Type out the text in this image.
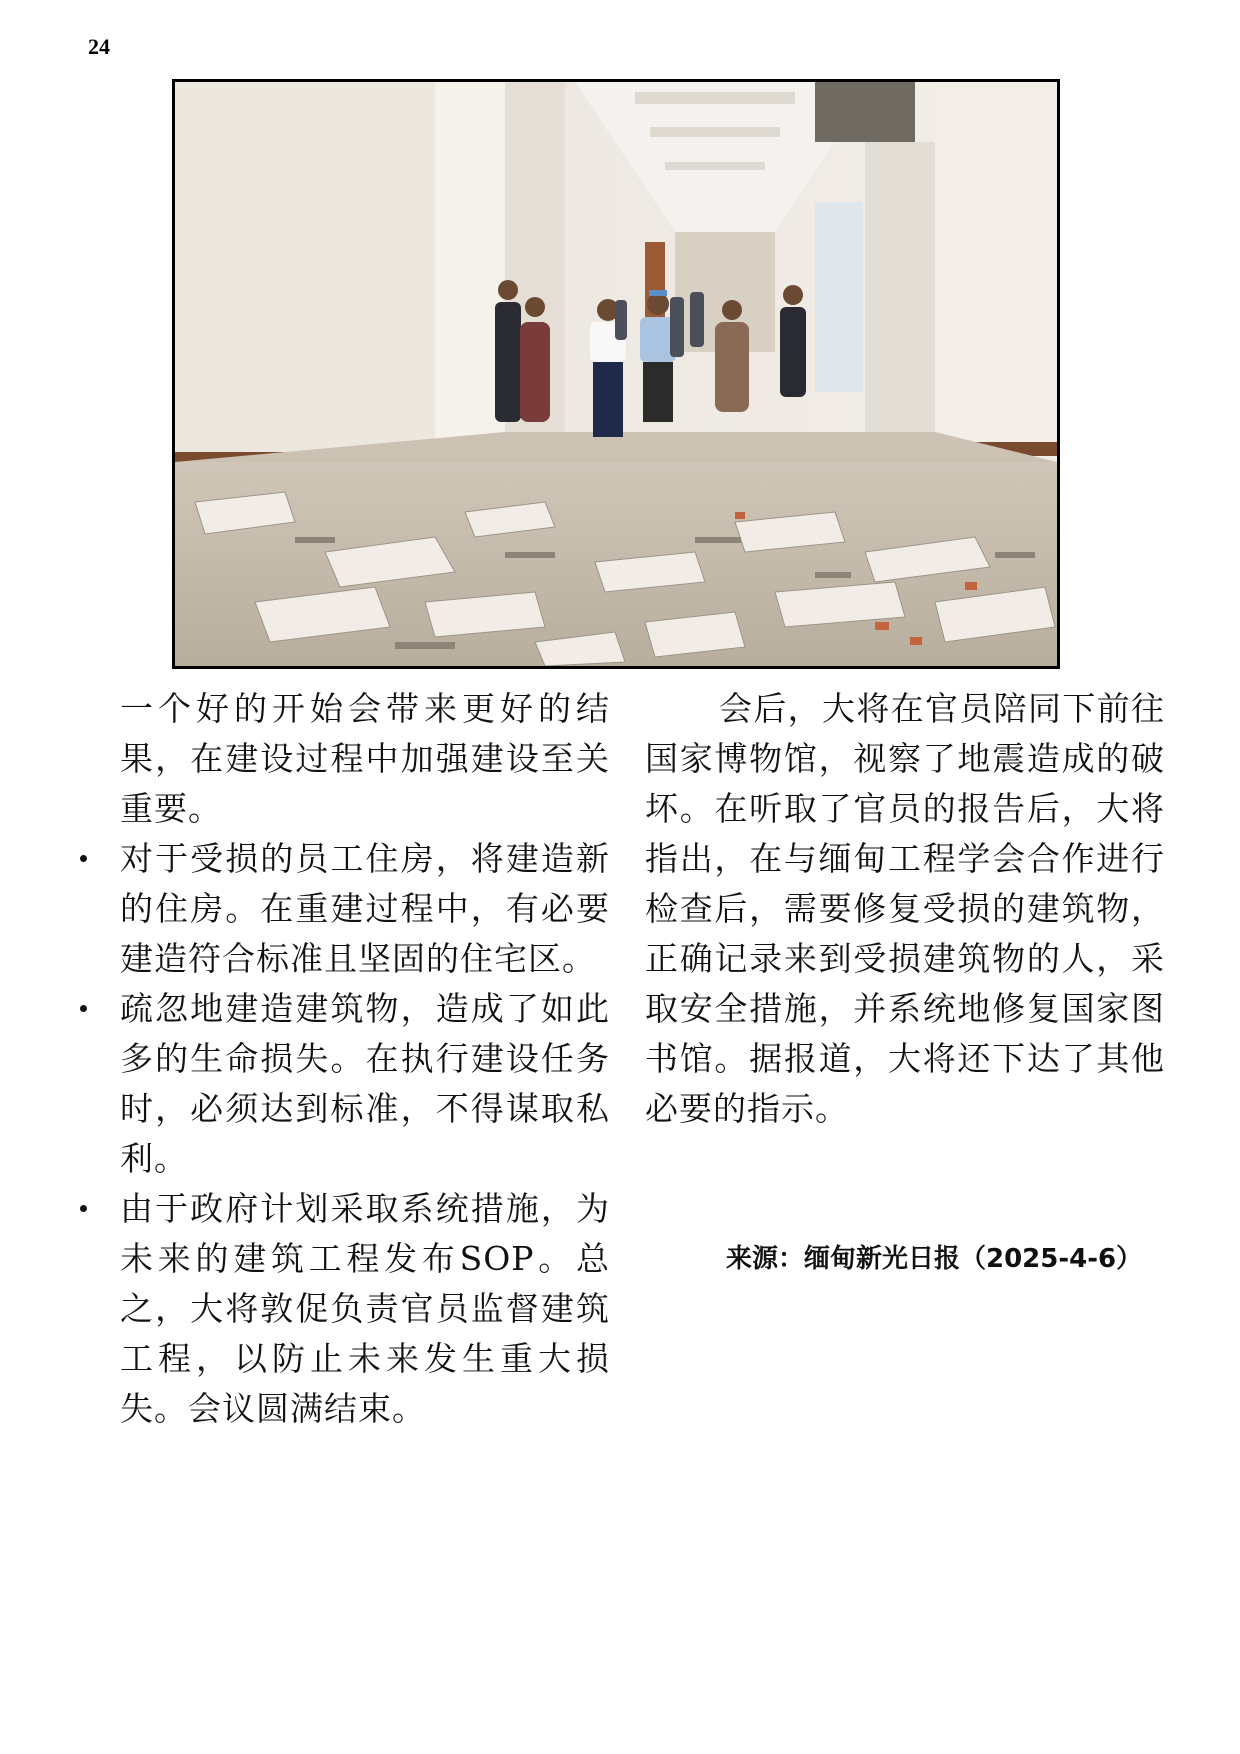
24

一个好的开始会带来更好的结果，在建设过程中加强建设至关重要。

对于受损的员工住房，将建造新的住房。在重建过程中，有必要建造符合标准且坚固的住宅区。
疏忽地建造建筑物，造成了如此多的生命损失。在执行建设任务时，必须达到标准，不得谋取私利。
由于政府计划采取系统措施，为未来的建筑工程发布SOP。总之，大将敦促负责官员监督建筑工程，以防止未来发生重大损失。会议圆满结束。

会后，大将在官员陪同下前往国家博物馆，视察了地震造成的破坏。在听取了官员的报告后，大将指出，在与缅甸工程学会合作进行检查后，需要修复受损的建筑物，正确记录来到受损建筑物的人，采取安全措施，并系统地修复国家图书馆。据报道，大将还下达了其他必要的指示。

来源：缅甸新光日报（2025-4-6）
